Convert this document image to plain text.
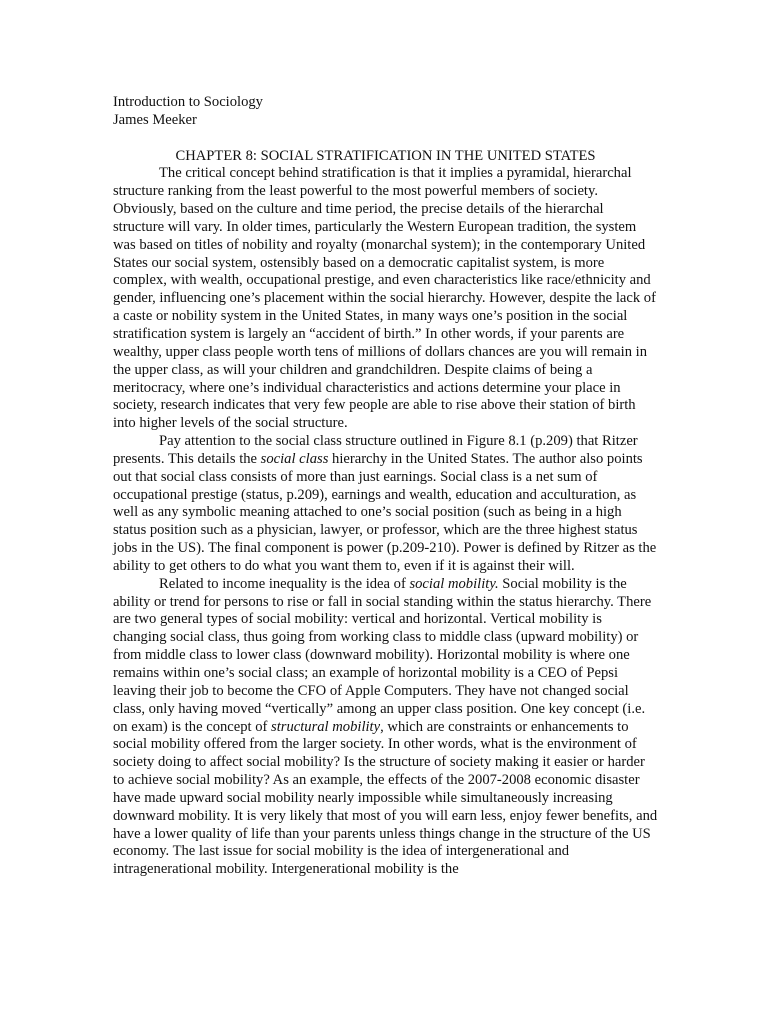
Introduction to Sociology
James Meeker
CHAPTER 8: SOCIAL STRATIFICATION IN THE UNITED STATES

The critical concept behind stratification is that it implies a pyramidal, hierarchal structure ranking from the least powerful to the most powerful members of society. Obviously, based on the culture and time period, the precise details of the hierarchal structure will vary. In older times, particularly the Western European tradition, the system was based on titles of nobility and royalty (monarchal system); in the contemporary United States our social system, ostensibly based on a democratic capitalist system, is more complex, with wealth, occupational prestige, and even characteristics like race/ethnicity and gender, influencing one’s placement within the social hierarchy. However, despite the lack of a caste or nobility system in the United States, in many ways one’s position in the social stratification system is largely an “accident of birth.” In other words, if your parents are wealthy, upper class people worth tens of millions of dollars chances are you will remain in the upper class, as will your children and grandchildren. Despite claims of being a meritocracy, where one’s individual characteristics and actions determine your place in society, research indicates that very few people are able to rise above their station of birth into higher levels of the social structure.

Pay attention to the social class structure outlined in Figure 8.1 (p.209) that Ritzer presents. This details the social class hierarchy in the United States. The author also points out that social class consists of more than just earnings. Social class is a net sum of occupational prestige (status, p.209), earnings and wealth, education and acculturation, as well as any symbolic meaning attached to one’s social position (such as being in a high status position such as a physician, lawyer, or professor, which are the three highest status jobs in the US). The final component is power (p.209-210). Power is defined by Ritzer as the ability to get others to do what you want them to, even if it is against their will.

Related to income inequality is the idea of social mobility. Social mobility is the ability or trend for persons to rise or fall in social standing within the status hierarchy. There are two general types of social mobility: vertical and horizontal. Vertical mobility is changing social class, thus going from working class to middle class (upward mobility) or from middle class to lower class (downward mobility). Horizontal mobility is where one remains within one’s social class; an example of horizontal mobility is a CEO of Pepsi leaving their job to become the CFO of Apple Computers. They have not changed social class, only having moved “vertically” among an upper class position. One key concept (i.e. on exam) is the concept of structural mobility, which are constraints or enhancements to social mobility offered from the larger society. In other words, what is the environment of society doing to affect social mobility? Is the structure of society making it easier or harder to achieve social mobility? As an example, the effects of the 2007-2008 economic disaster have made upward social mobility nearly impossible while simultaneously increasing downward mobility. It is very likely that most of you will earn less, enjoy fewer benefits, and have a lower quality of life than your parents unless things change in the structure of the US economy. The last issue for social mobility is the idea of intergenerational and intragenerational mobility. Intergenerational mobility is the
